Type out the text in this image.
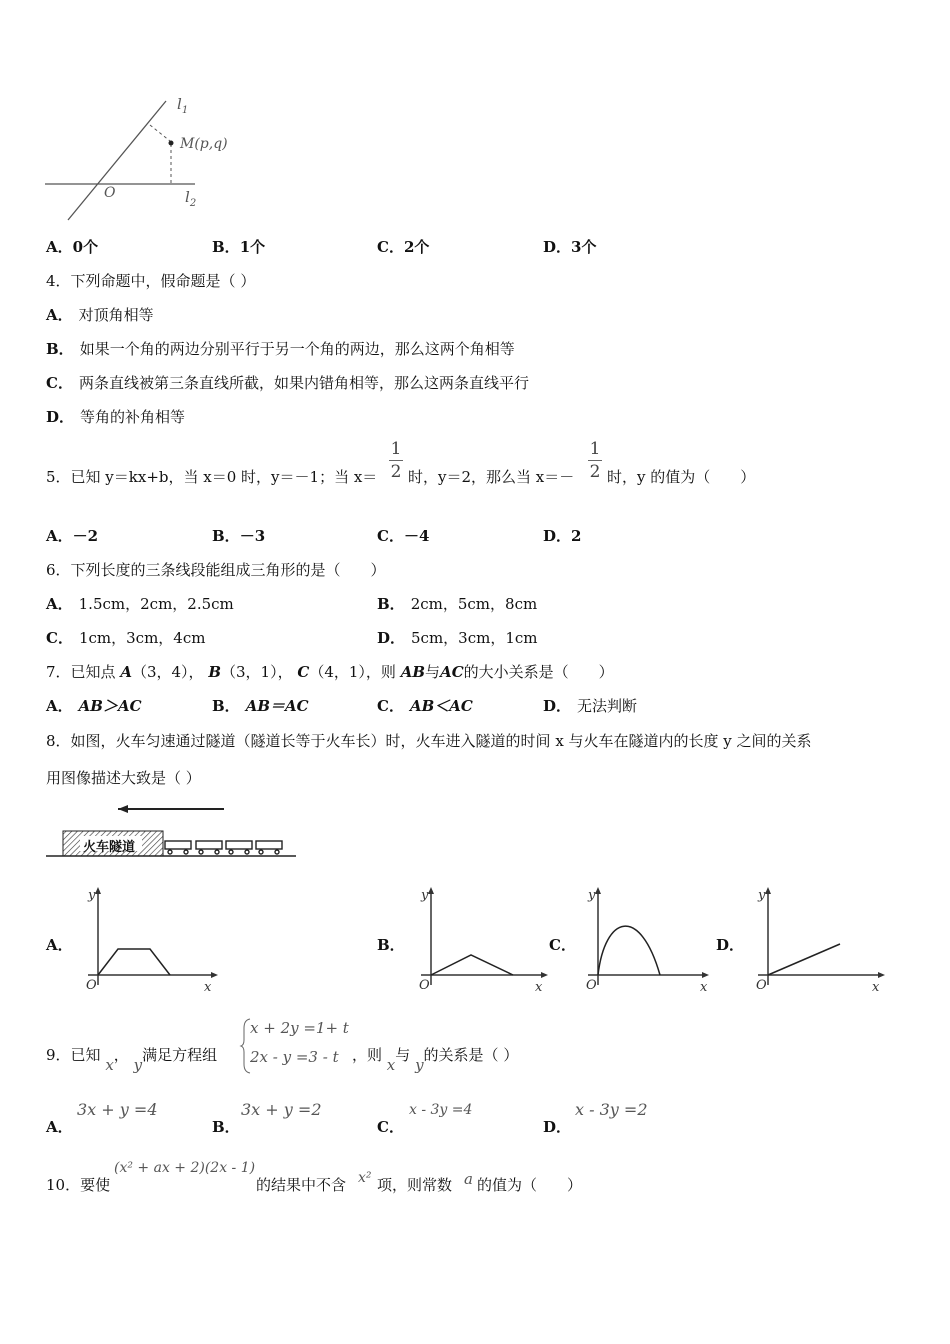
$l_1$
M(p,q)
O	$l_2$
A．0个	B．1个	C．2个	D．3个
4．下列命题中，假命题是（ ）
A． 对顶角相等
B． 如果一个角的两边分别平行于另一个角的两边，那么这两个角相等
C． 两条直线被第三条直线所截，如果内错角相等，那么这两条直线平行
D． 等角的补角相等
5．已知 y＝kx+b，当 x＝0 时，y＝－1；当 x＝
1
2 时，y＝2，那么当 x＝－
1
2 时，y 的值为（　　）
A．－2	B．－3	C．－4	D．2
6．下列长度的三条线段能组成三角形的是（　　）
A． 1.5cm，2cm，2.5cm	B． 2cm，5cm，8cm
C． 1cm，3cm，4cm	D． 5cm，3cm，1cm
7．已知点 A（3，4）， B（3，1）， C（4，1），则 AB与AC的大小关系是（　　）
A． AB＞AC	B． AB＝AC	C． AB＜AC	D． 无法判断
8．如图，火车匀速通过隧道（隧道长等于火车长）时，火车进入隧道的时间 x 与火车在隧道内的长度 y 之间的关系
用图像描述大致是（ ）
火车隧道
A．
y
O	x
B．
y
O	x
C．
y
O	x
D．
y
O	x
9．已知 x， y满足方程组
x + 2y =1+ t
2x - y =3 - t ，则 x与 y的关系是（ ）
A．
3x + y =4
B．
3x + y =2
C．
x - 3y =4
D．
x - 3y =2
10．要使
(x² + ax + 2)(2x - 1)
的结果中不含 x² 项，则常数 a 的值为（　　）
